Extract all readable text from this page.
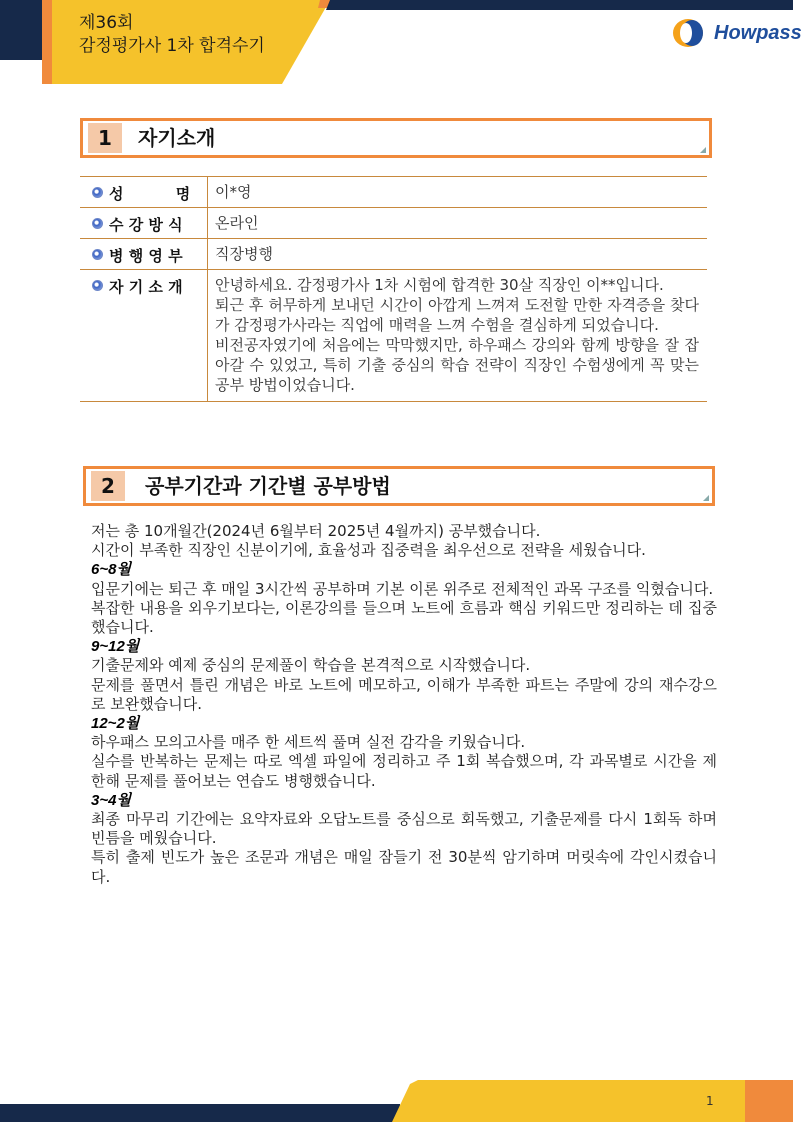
제36회
감정평가사 1차 합격수기
Howpass
1	자기소개
성          명	이*영
수 강 방 식	온라인
병 행 영 부	직장병행
자 기 소 개 안녕하세요. 감정평가사 1차 시험에 합격한 30살 직장인 이**입니다.

퇴근 후 허무하게 보내던 시간이 아깝게 느껴져 도전할 만한 자격증을 찾다가 감정평가사라는 직업에 매력을 느껴 수험을 결심하게 되었습니다.

비전공자였기에 처음에는 막막했지만, 하우패스 강의와 함께 방향을 잘 잡아갈 수 있었고, 특히 기출 중심의 학습 전략이 직장인 수험생에게 꼭 맞는 공부 방법이었습니다.

2	공부기간과 기간별 공부방법

저는 총 10개월간(2024년 6월부터 2025년 4월까지) 공부했습니다.

시간이 부족한 직장인 신분이기에, 효율성과 집중력을 최우선으로 전략을 세웠습니다.

6~8월

입문기에는 퇴근 후 매일 3시간씩 공부하며 기본 이론 위주로 전체적인 과목 구조를 익혔습니다.

복잡한 내용을 외우기보다는, 이론강의를 들으며 노트에 흐름과 핵심 키워드만 정리하는 데 집중했습니다.

9~12월

기출문제와 예제 중심의 문제풀이 학습을 본격적으로 시작했습니다.

문제를 풀면서 틀린 개념은 바로 노트에 메모하고, 이해가 부족한 파트는 주말에 강의 재수강으로 보완했습니다.

12~2월

하우패스 모의고사를 매주 한 세트씩 풀며 실전 감각을 키웠습니다.

실수를 반복하는 문제는 따로 엑셀 파일에 정리하고 주 1회 복습했으며, 각 과목별로 시간을 제한해 문제를 풀어보는 연습도 병행했습니다.

3~4월

최종 마무리 기간에는 요약자료와 오답노트를 중심으로 회독했고, 기출문제를 다시 1회독 하며 빈틈을 메웠습니다.

특히 출제 빈도가 높은 조문과 개념은 매일 잠들기 전 30분씩 암기하며 머릿속에 각인시켰습니다.

1
